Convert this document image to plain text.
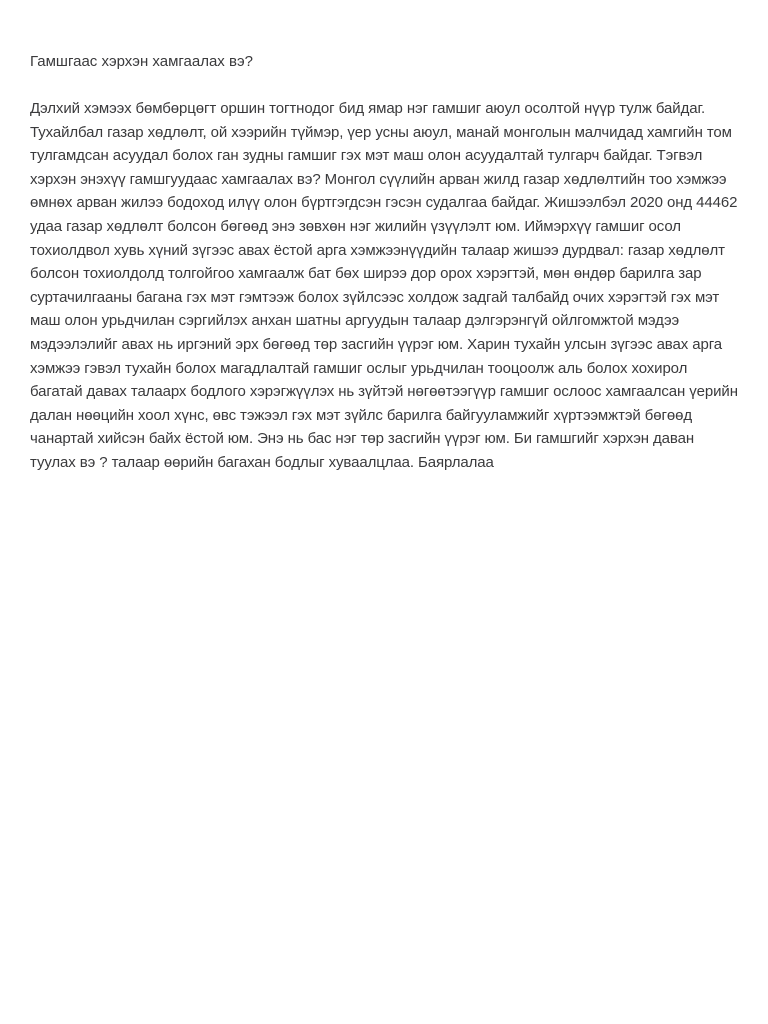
Гамшгаас хэрхэн хамгаалах вэ?

Дэлхий хэмээх бөмбөрцөгт оршин тогтнодог бид ямар нэг гамшиг аюул осолтой нүүр тулж байдаг. Тухайлбал газар хөдлөлт, ой хээрийн түймэр, үер усны аюул, манай монголын малчидад хамгийн том тулгамдсан асуудал болох ган зудны гамшиг гэх мэт маш олон асуудалтай тулгарч байдаг. Тэгвэл хэрхэн энэхүү гамшгуудаас хамгаалах вэ? Монгол сүүлийн арван жилд газар хөдлөлтийн тоо хэмжээ өмнөх арван жилээ бодоход илүү олон бүртгэгдсэн гэсэн судалгаа байдаг. Жишээлбэл 2020 онд 44462 удаа газар хөдлөлт болсон бөгөөд энэ зөвхөн нэг жилийн үзүүлэлт юм. Иймэрхүү гамшиг осол тохиолдвол хувь хүний зүгээс авах ёстой арга хэмжээнүүдийн талаар жишээ дурдвал: газар хөдлөлт болсон тохиолдолд толгойгоо хамгаалж бат бөх ширээ дор орох хэрэгтэй, мөн өндөр барилга зар суртачилгааны багана гэх мэт гэмтээж болох зүйлсээс холдож задгай талбайд очих хэрэгтэй гэх мэт маш олон урьдчилан сэргийлэх анхан шатны аргуудын талаар дэлгэрэнгүй ойлгомжтой мэдээ мэдээлэлийг авах нь иргэний эрх бөгөөд төр засгийн үүрэг юм. Харин тухайн улсын зүгээс авах арга хэмжээ гэвэл тухайн болох магадлалтай гамшиг ослыг урьдчилан тооцоолж аль болох хохирол багатай давах талаарх бодлого хэрэгжүүлэх нь зүйтэй нөгөөтээгүүр гамшиг ослоос хамгаалсан үерийн далан нөөцийн хоол хүнс, өвс тэжээл гэх мэт зүйлс барилга байгууламжийг хүртээмжтэй бөгөөд чанартай хийсэн байх ёстой юм. Энэ нь бас нэг төр засгийн үүрэг юм. Би гамшгийг хэрхэн даван туулах вэ ? талаар өөрийн багахан бодлыг хуваалцлаа. Баярлалаа
